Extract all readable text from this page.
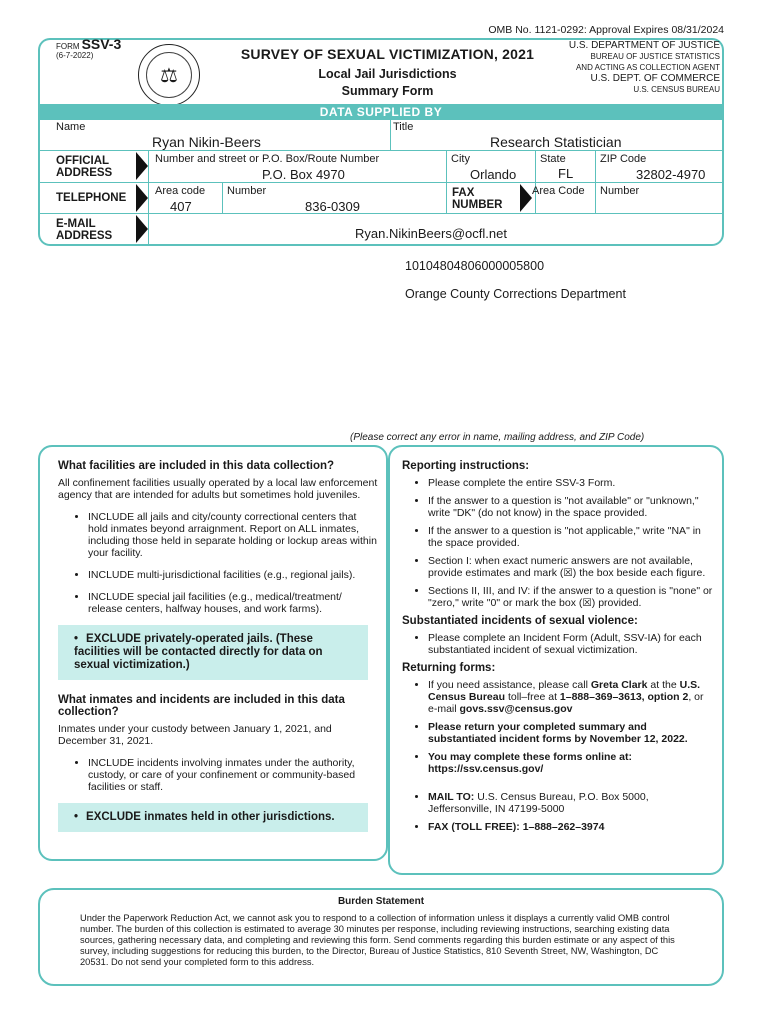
OMB No. 1121-0292: Approval Expires 08/31/2024
FORM SSV-3
(6-7-2022)
⚖
SURVEY OF SEXUAL VICTIMIZATION, 2021
Local Jail Jurisdictions
Summary Form
U.S. DEPARTMENT OF JUSTICE
BUREAU OF JUSTICE STATISTICS
AND ACTING AS COLLECTION AGENT
U.S. DEPT. OF COMMERCE
U.S. CENSUS BUREAU
DATA SUPPLIED BY
Name
Ryan Nikin-Beers
Title
Research Statistician
OFFICIAL ADDRESS
Number and street or P.O. Box/Route Number
P.O. Box 4970
City
Orlando
State
FL
ZIP Code
32802-4970
TELEPHONE
Area code
407
Number
836-0309
FAX NUMBER
Area Code Number
E-MAIL ADDRESS	Ryan.NikinBeers@ocfl.net
10104804806000005800
Orange County Corrections Department
(Please correct any error in name, mailing address, and ZIP Code)
What facilities are included in this data collection?

All confinement facilities usually operated by a local law enforcement agency that are intended for adults but sometimes hold juveniles.

• INCLUDE all jails and city/county correctional centers that hold inmates beyond arraignment. Report on ALL inmates, including those held in separate holding or lockup areas within your facility.
• INCLUDE multi-jurisdictional facilities (e.g., regional jails).
• INCLUDE special jail facilities (e.g., medical/treatment/ release centers, halfway houses, and work farms).
• EXCLUDE privately-operated jails. (These facilities will be contacted directly for data on sexual victimization.)
What inmates and incidents are included in this data collection?

Inmates under your custody between January 1, 2021, and December 31, 2021.

• INCLUDE incidents involving inmates under the authority, custody, or care of your confinement or community-based facilities or staff.
• EXCLUDE inmates held in other jurisdictions.
Reporting instructions:
• Please complete the entire SSV-3 Form.
• If the answer to a question is "not available" or "unknown," write "DK" (do not know) in the space provided.
• If the answer to a question is "not applicable," write "NA" in the space provided.
• Section I: when exact numeric answers are not available, provide estimates and mark (☒) the box beside each figure.
• Sections II, III, and IV: if the answer to a question is "none" or "zero," write "0" or mark the box (☒) provided.
Substantiated incidents of sexual violence:
• Please complete an Incident Form (Adult, SSV-IA) for each substantiated incident of sexual victimization.
Returning forms:
• If you need assistance, please call Greta Clark at the U.S. Census Bureau toll–free at 1–888–369–3613, option 2, or e-mail govs.ssv@census.gov
• Please return your completed summary and substantiated incident forms by November 12, 2022.
• You may complete these forms online at: https://ssv.census.gov/
• MAIL TO: U.S. Census Bureau, P.O. Box 5000, Jeffersonville, IN 47199-5000
• FAX (TOLL FREE): 1–888–262–3974
Burden Statement

Under the Paperwork Reduction Act, we cannot ask you to respond to a collection of information unless it displays a currently valid OMB control number. The burden of this collection is estimated to average 30 minutes per response, including reviewing instructions, searching existing data sources, gathering necessary data, and completing and reviewing this form. Send comments regarding this burden estimate or any aspect of this survey, including suggestions for reducing this burden, to the Director, Bureau of Justice Statistics, 810 Seventh Street, NW, Washington, DC 20531. Do not send your completed form to this address.
